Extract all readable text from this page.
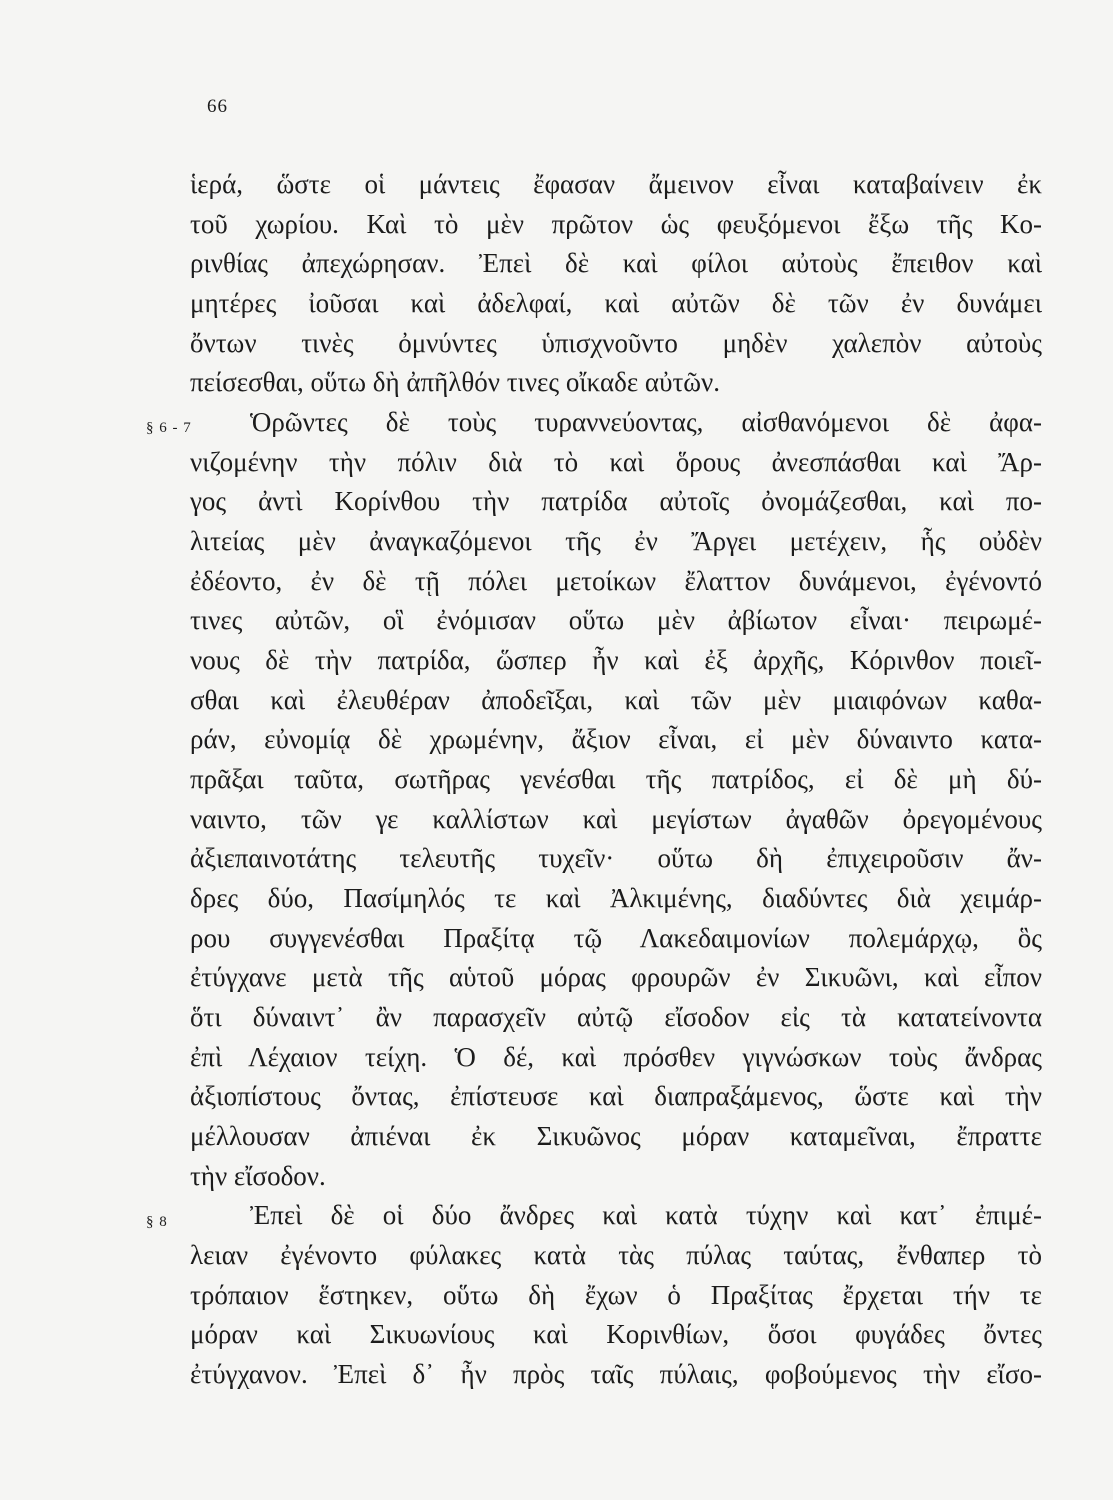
66
§ 6 - 7
§ 8
ἱερά, ὥστε οἱ μάντεις ἔφασαν ἄμεινον εἶναι καταβαίνειν ἐκ
τοῦ χωρίου. Καὶ τὸ μὲν πρῶτον ὡς φευξόμενοι ἔξω τῆς Κο-
ρινθίας ἀπεχώρησαν. Ἐπεὶ δὲ καὶ φίλοι αὐτοὺς ἔπειθον καὶ
μητέρες ἰοῦσαι καὶ ἀδελφαί, καὶ αὐτῶν δὲ τῶν ἐν δυνάμει
ὄντων τινὲς ὀμνύντες ὑπισχνοῦντο μηδὲν χαλεπὸν αὐτοὺς
πείσεσθαι, οὕτω δὴ ἀπῆλθόν τινες οἴκαδε αὐτῶν.
Ὁρῶντες δὲ τοὺς τυραννεύοντας, αἰσθανόμενοι δὲ ἀφα-
νιζομένην τὴν πόλιν διὰ τὸ καὶ ὅρους ἀνεσπάσθαι καὶ Ἄρ-
γος ἀντὶ Κορίνθου τὴν πατρίδα αὐτοῖς ὀνομάζεσθαι, καὶ πο-
λιτείας μὲν ἀναγκαζόμενοι τῆς ἐν Ἄργει μετέχειν, ἧς οὐδὲν
ἐδέοντο, ἐν δὲ τῇ πόλει μετοίκων ἔλαττον δυνάμενοι, ἐγένοντό
τινες αὐτῶν, οἳ ἐνόμισαν οὕτω μὲν ἀβίωτον εἶναι· πειρωμέ-
νους δὲ τὴν πατρίδα, ὥσπερ ἦν καὶ ἐξ ἀρχῆς, Κόρινθον ποιεῖ-
σθαι καὶ ἐλευθέραν ἀποδεῖξαι, καὶ τῶν μὲν μιαιφόνων καθα-
ράν, εὐνομίᾳ δὲ χρωμένην, ἄξιον εἶναι, εἰ μὲν δύναιντο κατα-
πρᾶξαι ταῦτα, σωτῆρας γενέσθαι τῆς πατρίδος, εἰ δὲ μὴ δύ-
ναιντο, τῶν γε καλλίστων καὶ μεγίστων ἀγαθῶν ὀρεγομένους
ἀξιεπαινοτάτης τελευτῆς τυχεῖν· οὕτω δὴ ἐπιχειροῦσιν ἄν-
δρες δύο, Πασίμηλός τε καὶ Ἀλκιμένης, διαδύντες διὰ χειμάρ-
ρου συγγενέσθαι Πραξίτᾳ τῷ Λακεδαιμονίων πολεμάρχῳ, ὃς
ἐτύγχανε μετὰ τῆς αὑτοῦ μόρας φρουρῶν ἐν Σικυῶνι, καὶ εἶπον
ὅτι δύναιντ᾽ ἂν παρασχεῖν αὐτῷ εἴσοδον εἰς τὰ κατατείνοντα
ἐπὶ Λέχαιον τείχη. Ὁ δέ, καὶ πρόσθεν γιγνώσκων τοὺς ἄνδρας
ἀξιοπίστους ὄντας, ἐπίστευσε καὶ διαπραξάμενος, ὥστε καὶ τὴν
μέλλουσαν ἀπιέναι ἐκ Σικυῶνος μόραν καταμεῖναι, ἔπραττε
τὴν εἴσοδον.
Ἐπεὶ δὲ οἱ δύο ἄνδρες καὶ κατὰ τύχην καὶ κατ᾽ ἐπιμέ-
λειαν ἐγένοντο φύλακες κατὰ τὰς πύλας ταύτας, ἔνθαπερ τὸ
τρόπαιον ἕστηκεν, οὕτω δὴ ἔχων ὁ Πραξίτας ἔρχεται τήν τε
μόραν καὶ Σικυωνίους καὶ Κορινθίων, ὅσοι φυγάδες ὄντες
ἐτύγχανον. Ἐπεὶ δ᾽ ἦν πρὸς ταῖς πύλαις, φοβούμενος τὴν εἴσο-
